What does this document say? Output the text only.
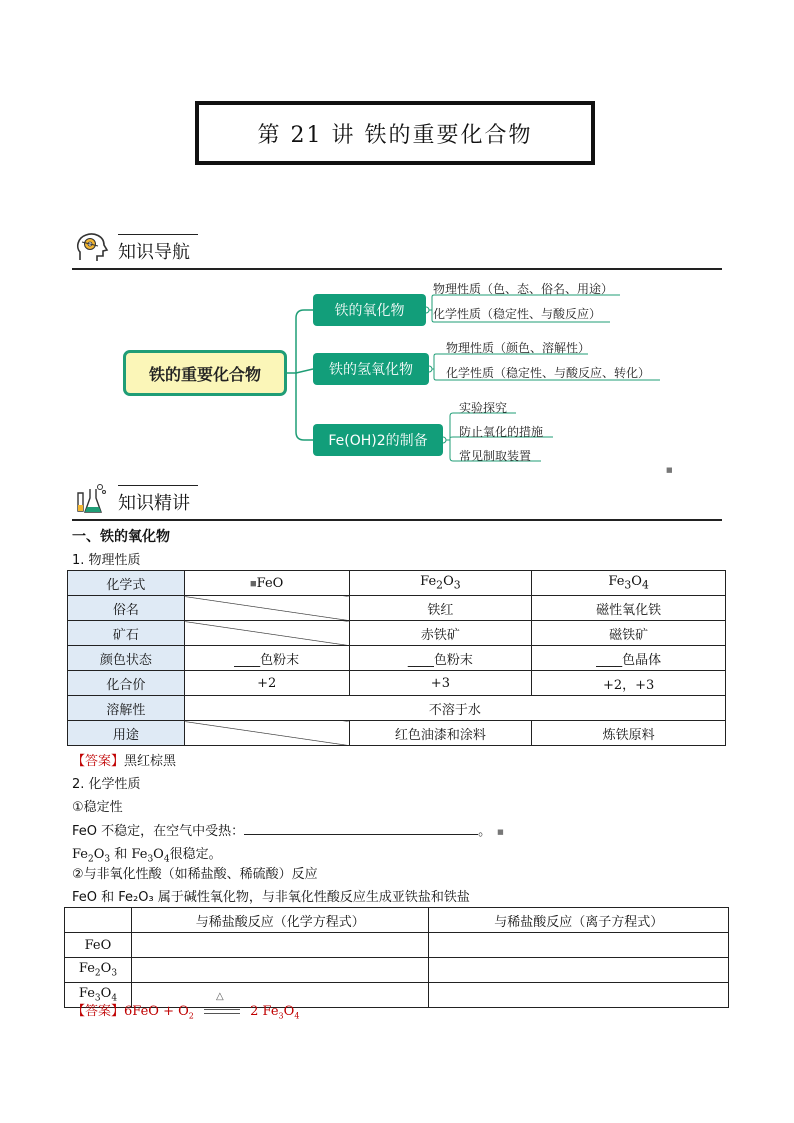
第 21 讲 铁的重要化合物
知识导航
铁的重要化合物
铁的氧化物
铁的氢氧化物
Fe(OH)2的制备
物理性质（色、态、俗名、用途）
化学性质（稳定性、与酸反应）
物理性质（颜色、溶解性）
化学性质（稳定性、与酸反应、转化）
实验探究
防止氧化的措施
常见制取装置
知识精讲
一、铁的氧化物
1. 物理性质
化学式	■FeO	$Fe_2O_3$	$Fe_3O_4$
俗名		铁红	磁性氧化铁
矿石		赤铁矿	磁铁矿
颜色状态	____色粉末	____色粉末	____色晶体
化合价	+2	+3	+2，+3
溶解性	不溶于水		
用途		红色油漆和涂料	炼铁原料
【答案】黑红棕黑
2. 化学性质
①稳定性
FeO 不稳定，在空气中受热：	。 ■
$Fe_2O_3$ 和 $Fe_3O_4$很稳定。
②与非氧化性酸（如稀盐酸、稀硫酸）反应
FeO 和 Fe₂O₃ 属于碱性氧化物，与非氧化性酸反应生成亚铁盐和铁盐
	与稀盐酸反应（化学方程式）	与稀盐酸反应（离子方程式）
FeO		
$Fe_2O_3$		
$Fe_3O_4$		
【答案】$6FeO + O_2$
△
2 $Fe_3O_4$
■
